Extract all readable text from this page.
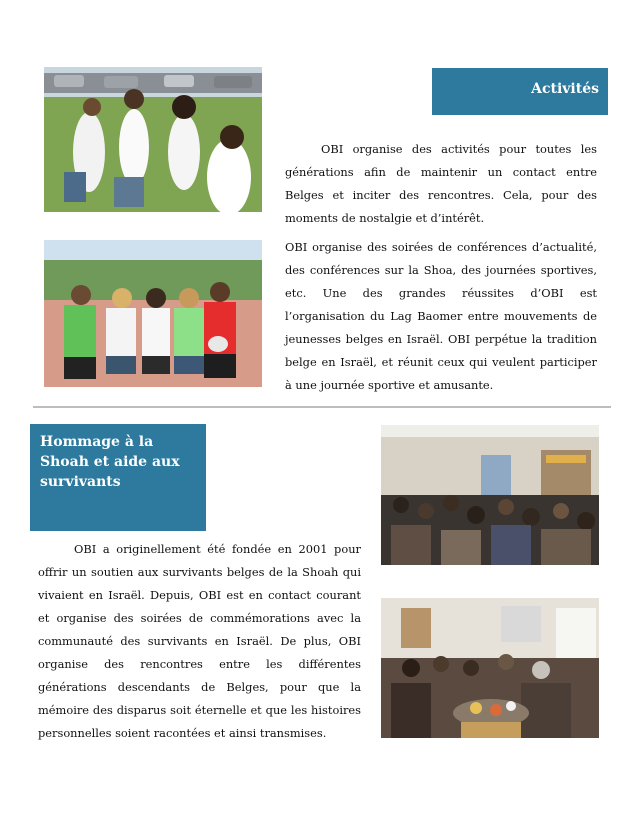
Activités

OBI organise des activités pour toutes les générations afin de maintenir un contact entre Belges et inciter des rencontres. Cela, pour des moments de nostalgie et d’intérêt.

OBI organise des soirées de conférences d’actualité, des conférences sur la Shoa, des journées sportives, etc. Une des grandes réussites d’OBI est l’organisation du Lag Baomer entre mouvements de jeunesses belges en Israël. OBI perpétue la tradition belge en Israël, et réunit ceux qui veulent participer à une journée sportive et amusante.

Hommage à la Shoah et aide aux survivants

OBI a originellement été fondée en 2001 pour offrir un soutien aux survivants belges de la Shoah qui vivaient en Israël. Depuis, OBI est en contact courant et organise des soirées de commémorations avec la communauté des survivants en Israël. De plus, OBI organise des rencontres entre les différentes générations descendants de Belges, pour que la mémoire des disparus soit éternelle et que les histoires personnelles soient racontées et ainsi transmises.
